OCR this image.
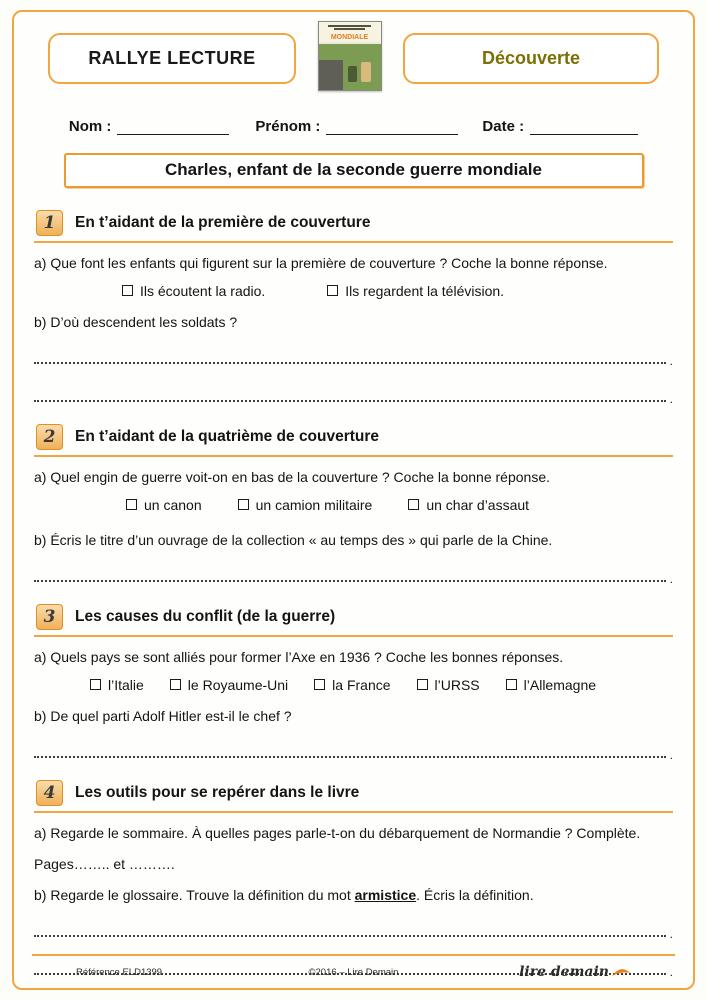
RALLYE LECTURE
MONDIALE
Découverte
Nom :	Prénom :	Date :
Charles, enfant de la seconde guerre mondiale
1	En t’aidant de la première de couverture
a) Que font les enfants qui figurent sur la première de couverture ? Coche la bonne réponse.
Ils écoutent la radio.	Ils regardent la télévision.
b) D’où descendent les soldats ?
.
.
2	En t’aidant de la quatrième de couverture
a) Quel engin de guerre voit-on en bas de la couverture ? Coche la bonne réponse.
un canon	un camion militaire	un char d’assaut
b) Écris le titre d’un ouvrage de la collection « au temps des » qui parle de la Chine.
.
3	Les causes du conflit (de la guerre)
a) Quels pays se sont alliés pour former l’Axe en 1936 ? Coche les bonnes réponses.
l’Italie	le Royaume-Uni	la France	l’URSS	l’Allemagne
b) De quel parti Adolf Hitler est-il le chef ?
.
4	Les outils pour se repérer dans le livre
a) Regarde le sommaire. À quelles pages parle-t-on du débarquement de Normandie ? Complète.
Pages…….. et ……….
b) Regarde le glossaire. Trouve la définition du mot armistice. Écris la définition.
.
.
Référence ELD1399	©2016 – Lire Demain	lire demain
